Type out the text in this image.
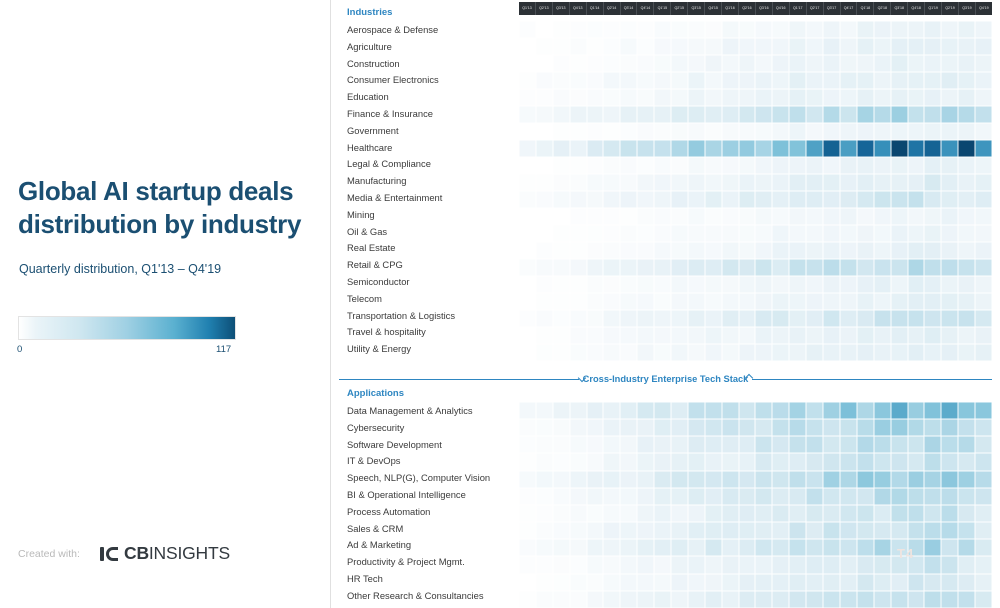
Global AI startup deals distribution by industry
Quarterly distribution, Q1'13 – Q4'19
0	117
Created with:	CBINSIGHTS
Industries
Applications
Aerospace & Defense
Agriculture
Construction
Consumer Electronics
Education
Finance & Insurance
Government
Healthcare
Legal & Compliance
Manufacturing
Media & Entertainment
Mining
Oil & Gas
Real Estate
Retail & CPG
Semiconductor
Telecom
Transportation & Logistics
Travel & hospitality
Utility & Energy
Data Management & Analytics
Cybersecurity
Software Development
IT & DevOps
Speech, NLP(G), Computer Vision
BI & Operational Intelligence
Process Automation
Sales & CRM
Ad & Marketing
Productivity & Project Mgmt.
HR Tech
Other Research & Consultancies
Q1'13	Q2'13	Q3'13	Q4'13	Q1'14	Q2'14	Q3'14	Q4'14	Q1'15	Q2'15	Q3'15	Q4'15	Q1'16	Q2'16	Q3'16	Q4'16	Q1'17	Q2'17	Q3'17	Q4'17	Q1'18	Q2'18	Q3'18	Q4'18	Q1'19	Q2'19	Q3'19	Q4'19
Cross-Industry Enterprise Tech Stack
T4
